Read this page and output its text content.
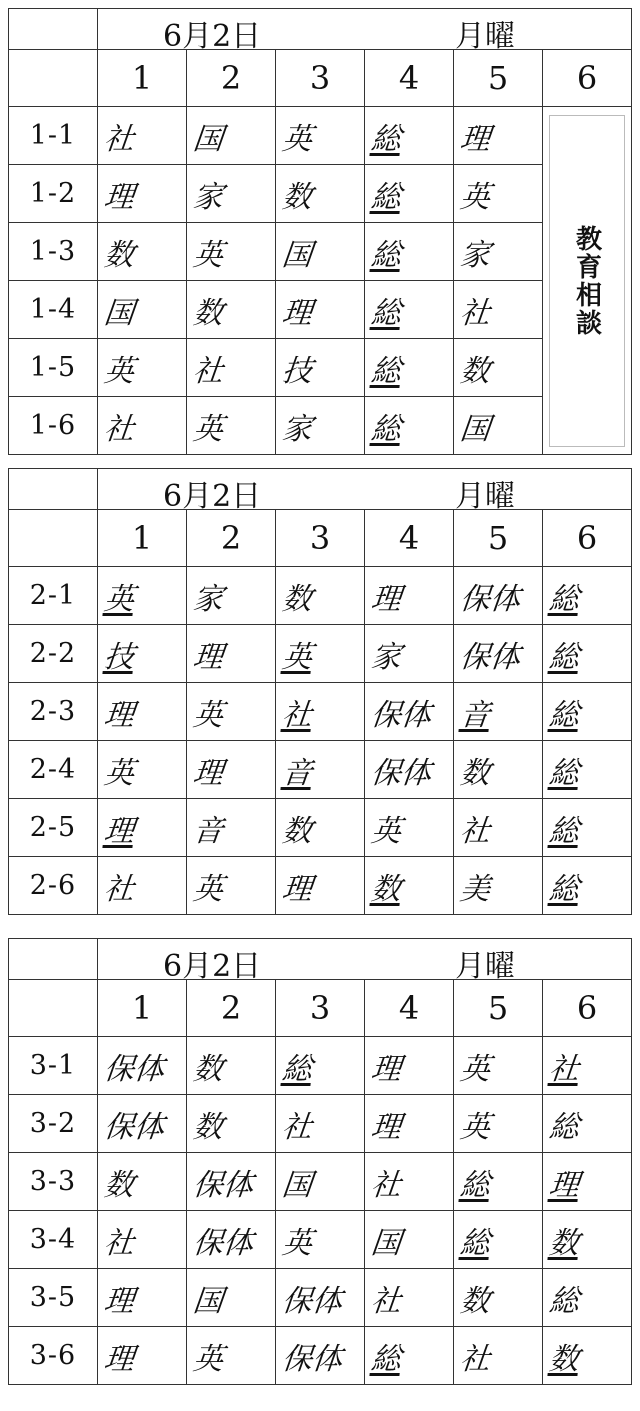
	6月2日 月曜					

	1	2	3	4	5	6
1-1	社	国	英	総	理	教育相談

1-2	理	家	数	総	英	
1-3	数	英	国	総	家	
1-4	国	数	理	総	社	
1-5	英	社	技	総	数	
1-6	社	英	家	総	国	

	6月2日 月曜					

	1	2	3	4	5	6
2-1	英	家	数	理	保体	総
2-2	技	理	英	家	保体	総
2-3	理	英	社	保体	音	総
2-4	英	理	音	保体	数	総
2-5	理	音	数	英	社	総
2-6	社	英	理	数	美	総

	6月2日 月曜					

	1	2	3	4	5	6
3-1	保体	数	総	理	英	社
3-2	保体	数	社	理	英	総
3-3	数	保体	国	社	総	理
3-4	社	保体	英	国	総	数
3-5	理	国	保体	社	数	総
3-6	理	英	保体	総	社	数
